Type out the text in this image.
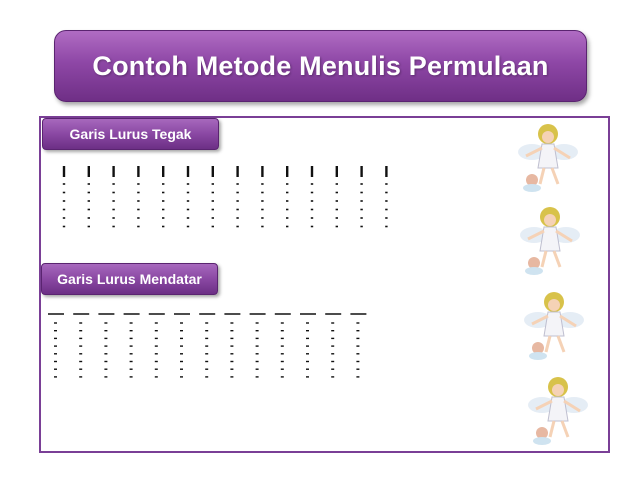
Contoh Metode Menulis Permulaan
Garis Lurus Tegak
Garis Lurus Mendatar
